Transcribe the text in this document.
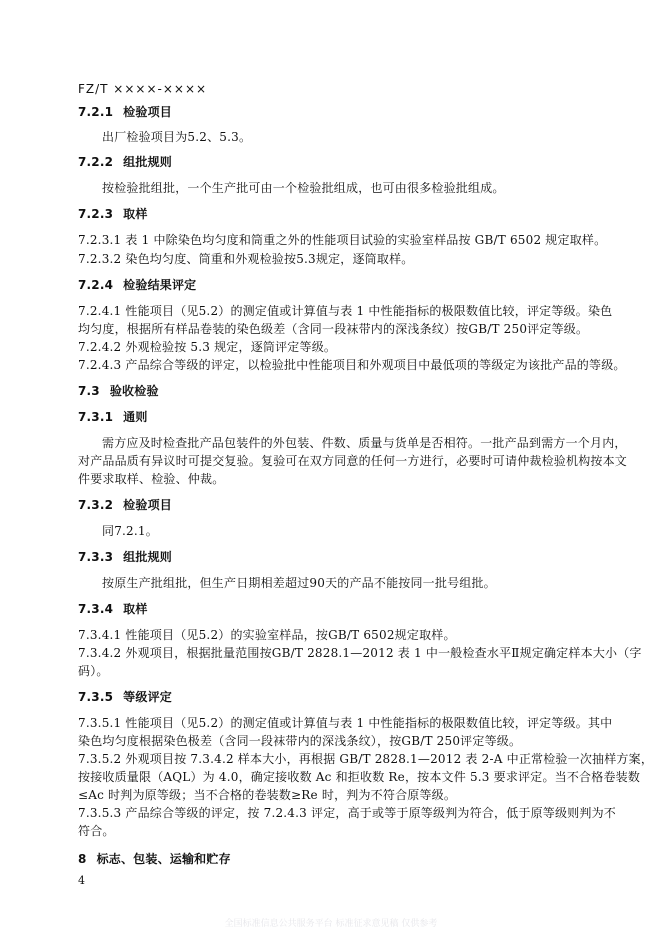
FZ/T ××××-××××
7.2.1 检验项目
出厂检验项目为5.2、5.3。
7.2.2 组批规则
按检验批组批，一个生产批可由一个检验批组成，也可由很多检验批组成。
7.2.3 取样
7.2.3.1 表 1 中除染色均匀度和筒重之外的性能项目试验的实验室样品按 GB/T 6502 规定取样。
7.2.3.2 染色均匀度、筒重和外观检验按5.3规定，逐筒取样。
7.2.4 检验结果评定
7.2.4.1 性能项目（见5.2）的测定值或计算值与表 1 中性能指标的极限数值比较，评定等级。染色
均匀度，根据所有样品卷装的染色级差（含同一段袜带内的深浅条纹）按GB/T 250评定等级。
7.2.4.2 外观检验按 5.3 规定，逐筒评定等级。
7.2.4.3 产品综合等级的评定，以检验批中性能项目和外观项目中最低项的等级定为该批产品的等级。
7.3 验收检验
7.3.1 通则
需方应及时检查批产品包装件的外包装、件数、质量与货单是否相符。一批产品到需方一个月内，
对产品品质有异议时可提交复验。复验可在双方同意的任何一方进行，必要时可请仲裁检验机构按本文
件要求取样、检验、仲裁。
7.3.2 检验项目
同7.2.1。
7.3.3 组批规则
按原生产批组批，但生产日期相差超过90天的产品不能按同一批号组批。
7.3.4 取样
7.3.4.1 性能项目（见5.2）的实验室样品，按GB/T 6502规定取样。
7.3.4.2 外观项目，根据批量范围按GB/T 2828.1—2012 表 1 中一般检查水平Ⅱ规定确定样本大小（字
码）。
7.3.5 等级评定
7.3.5.1 性能项目（见5.2）的测定值或计算值与表 1 中性能指标的极限数值比较，评定等级。其中
染色均匀度根据染色极差（含同一段袜带内的深浅条纹），按GB/T 250评定等级。
7.3.5.2 外观项目按 7.3.4.2 样本大小，再根据 GB/T 2828.1—2012 表 2-A 中正常检验一次抽样方案，
按接收质量限（AQL）为 4.0，确定接收数 Ac 和拒收数 Re，按本文件 5.3 要求评定。当不合格卷装数
≤Ac 时判为原等级；当不合格的卷装数≥Re 时，判为不符合原等级。
7.3.5.3 产品综合等级的评定，按 7.2.4.3 评定，高于或等于原等级判为符合，低于原等级则判为不
符合。
8 标志、包装、运输和贮存
4
全国标准信息公共服务平台 标准征求意见稿 仅供参考
